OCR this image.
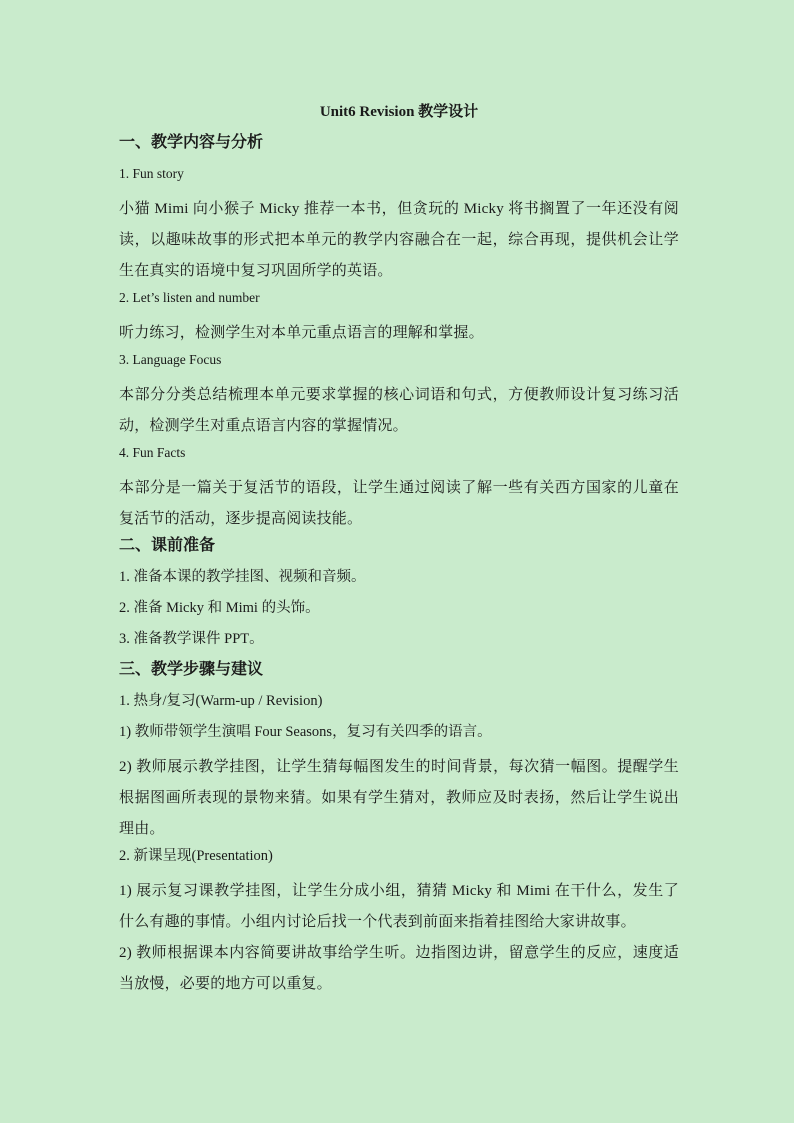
Unit6 Revision 教学设计
一、教学内容与分析
1. Fun story
小猫 Mimi 向小猴子 Micky 推荐一本书，但贪玩的 Micky 将书搁置了一年还没有阅读，以趣味故事的形式把本单元的教学内容融合在一起，综合再现，提供机会让学生在真实的语境中复习巩固所学的英语。
2. Let’s listen and number
听力练习，检测学生对本单元重点语言的理解和掌握。
3. Language Focus
本部分分类总结梳理本单元要求掌握的核心词语和句式，方便教师设计复习练习活动，检测学生对重点语言内容的掌握情况。
4. Fun Facts
本部分是一篇关于复活节的语段，让学生通过阅读了解一些有关西方国家的儿童在复活节的活动，逐步提高阅读技能。
二、课前准备
1. 准备本课的教学挂图、视频和音频。
2. 准备 Micky 和 Mimi 的头饰。
3. 准备教学课件 PPT。
三、教学步骤与建议
1. 热身/复习(Warm-up / Revision)
1) 教师带领学生演唱 Four Seasons，复习有关四季的语言。
2) 教师展示教学挂图，让学生猜每幅图发生的时间背景，每次猜一幅图。提醒学生根据图画所表现的景物来猜。如果有学生猜对，教师应及时表扬，然后让学生说出理由。
2. 新课呈现(Presentation)
1) 展示复习课教学挂图，让学生分成小组，猜猜 Micky 和 Mimi 在干什么，发生了什么有趣的事情。小组内讨论后找一个代表到前面来指着挂图给大家讲故事。
2) 教师根据课本内容简要讲故事给学生听。边指图边讲，留意学生的反应，速度适当放慢，必要的地方可以重复。
